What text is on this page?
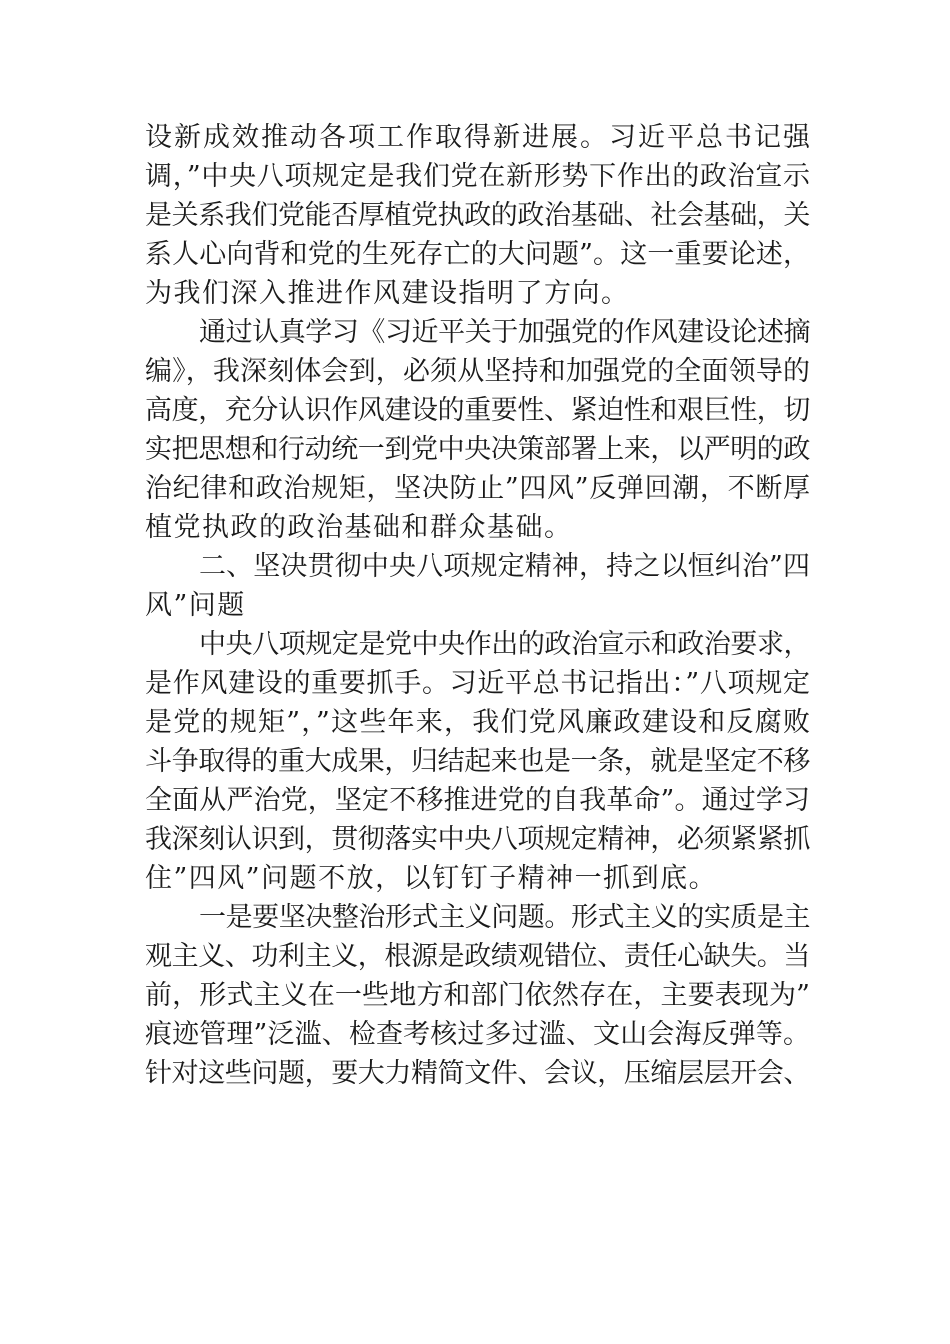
设新成效推动各项工作取得新进展。习近平总书记强
调，”中央八项规定是我们党在新形势下作出的政治宣示
是关系我们党能否厚植党执政的政治基础、社会基础，关
系人心向背和党的生死存亡的大问题”。这一重要论述，
为我们深入推进作风建设指明了方向。
通过认真学习《习近平关于加强党的作风建设论述摘
编》，我深刻体会到，必须从坚持和加强党的全面领导的
高度，充分认识作风建设的重要性、紧迫性和艰巨性，切
实把思想和行动统一到党中央决策部署上来，以严明的政
治纪律和政治规矩，坚决防止”四风”反弹回潮，不断厚
植党执政的政治基础和群众基础。
二、坚决贯彻中央八项规定精神，持之以恒纠治”四
风”问题
中央八项规定是党中央作出的政治宣示和政治要求，
是作风建设的重要抓手。习近平总书记指出：”八项规定
是党的规矩”，”这些年来，我们党风廉政建设和反腐败
斗争取得的重大成果，归结起来也是一条，就是坚定不移
全面从严治党，坚定不移推进党的自我革命”。通过学习
我深刻认识到，贯彻落实中央八项规定精神，必须紧紧抓
住”四风”问题不放，以钉钉子精神一抓到底。
一是要坚决整治形式主义问题。形式主义的实质是主
观主义、功利主义，根源是政绩观错位、责任心缺失。当
前，形式主义在一些地方和部门依然存在，主要表现为”
痕迹管理”泛滥、检查考核过多过滥、文山会海反弹等。
针对这些问题，要大力精简文件、会议，压缩层层开会、
